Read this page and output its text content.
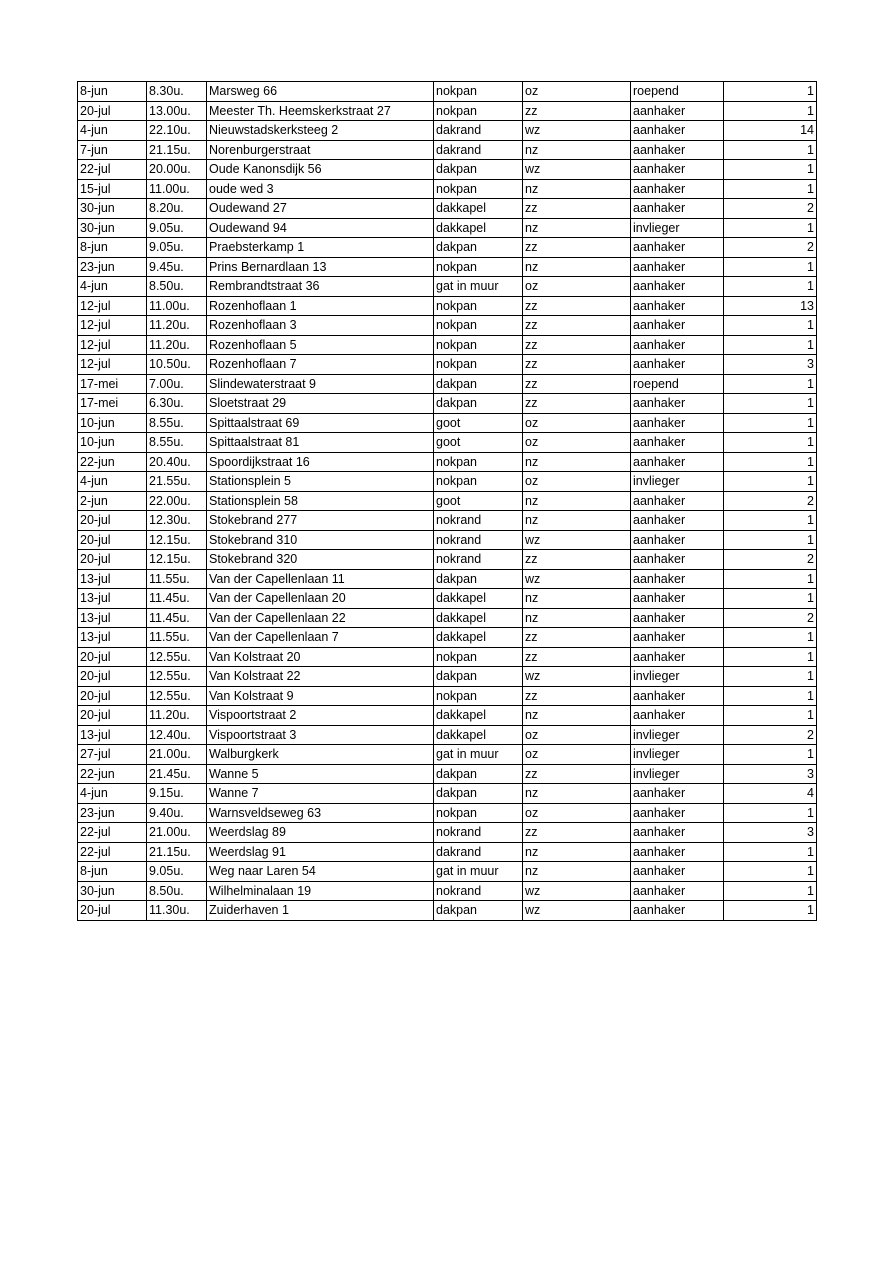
8-jun	8.30u.	Marsweg 66	nokpan	oz	roepend	1
20-jul	13.00u.	Meester Th. Heemskerkstraat 27	nokpan	zz	aanhaker	1
4-jun	22.10u.	Nieuwstadskerksteeg 2	dakrand	wz	aanhaker	14
7-jun	21.15u.	Norenburgerstraat	dakrand	nz	aanhaker	1
22-jul	20.00u.	Oude Kanonsdijk 56	dakpan	wz	aanhaker	1
15-jul	11.00u.	oude wed 3	nokpan	nz	aanhaker	1
30-jun	8.20u.	Oudewand 27	dakkapel	zz	aanhaker	2
30-jun	9.05u.	Oudewand 94	dakkapel	nz	invlieger	1
8-jun	9.05u.	Praebsterkamp 1	dakpan	zz	aanhaker	2
23-jun	9.45u.	Prins Bernardlaan 13	nokpan	nz	aanhaker	1
4-jun	8.50u.	Rembrandtstraat 36	gat in muur	oz	aanhaker	1
12-jul	11.00u.	Rozenhoflaan 1	nokpan	zz	aanhaker	13
12-jul	11.20u.	Rozenhoflaan 3	nokpan	zz	aanhaker	1
12-jul	11.20u.	Rozenhoflaan 5	nokpan	zz	aanhaker	1
12-jul	10.50u.	Rozenhoflaan 7	nokpan	zz	aanhaker	3
17-mei	7.00u.	Slindewaterstraat 9	dakpan	zz	roepend	1
17-mei	6.30u.	Sloetstraat 29	dakpan	zz	aanhaker	1
10-jun	8.55u.	Spittaalstraat 69	goot	oz	aanhaker	1
10-jun	8.55u.	Spittaalstraat 81	goot	oz	aanhaker	1
22-jun	20.40u.	Spoordijkstraat 16	nokpan	nz	aanhaker	1
4-jun	21.55u.	Stationsplein 5	nokpan	oz	invlieger	1
2-jun	22.00u.	Stationsplein 58	goot	nz	aanhaker	2
20-jul	12.30u.	Stokebrand 277	nokrand	nz	aanhaker	1
20-jul	12.15u.	Stokebrand 310	nokrand	wz	aanhaker	1
20-jul	12.15u.	Stokebrand 320	nokrand	zz	aanhaker	2
13-jul	11.55u.	Van der Capellenlaan 11	dakpan	wz	aanhaker	1
13-jul	11.45u.	Van der Capellenlaan 20	dakkapel	nz	aanhaker	1
13-jul	11.45u.	Van der Capellenlaan 22	dakkapel	nz	aanhaker	2
13-jul	11.55u.	Van der Capellenlaan 7	dakkapel	zz	aanhaker	1
20-jul	12.55u.	Van Kolstraat 20	nokpan	zz	aanhaker	1
20-jul	12.55u.	Van Kolstraat 22	dakpan	wz	invlieger	1
20-jul	12.55u.	Van Kolstraat 9	nokpan	zz	aanhaker	1
20-jul	11.20u.	Vispoortstraat 2	dakkapel	nz	aanhaker	1
13-jul	12.40u.	Vispoortstraat 3	dakkapel	oz	invlieger	2
27-jul	21.00u.	Walburgkerk	gat in muur	oz	invlieger	1
22-jun	21.45u.	Wanne 5	dakpan	zz	invlieger	3
4-jun	9.15u.	Wanne 7	dakpan	nz	aanhaker	4
23-jun	9.40u.	Warnsveldseweg 63	nokpan	oz	aanhaker	1
22-jul	21.00u.	Weerdslag 89	nokrand	zz	aanhaker	3
22-jul	21.15u.	Weerdslag 91	dakrand	nz	aanhaker	1
8-jun	9.05u.	Weg naar Laren 54	gat in muur	nz	aanhaker	1
30-jun	8.50u.	Wilhelminalaan 19	nokrand	wz	aanhaker	1
20-jul	11.30u.	Zuiderhaven 1	dakpan	wz	aanhaker	1
